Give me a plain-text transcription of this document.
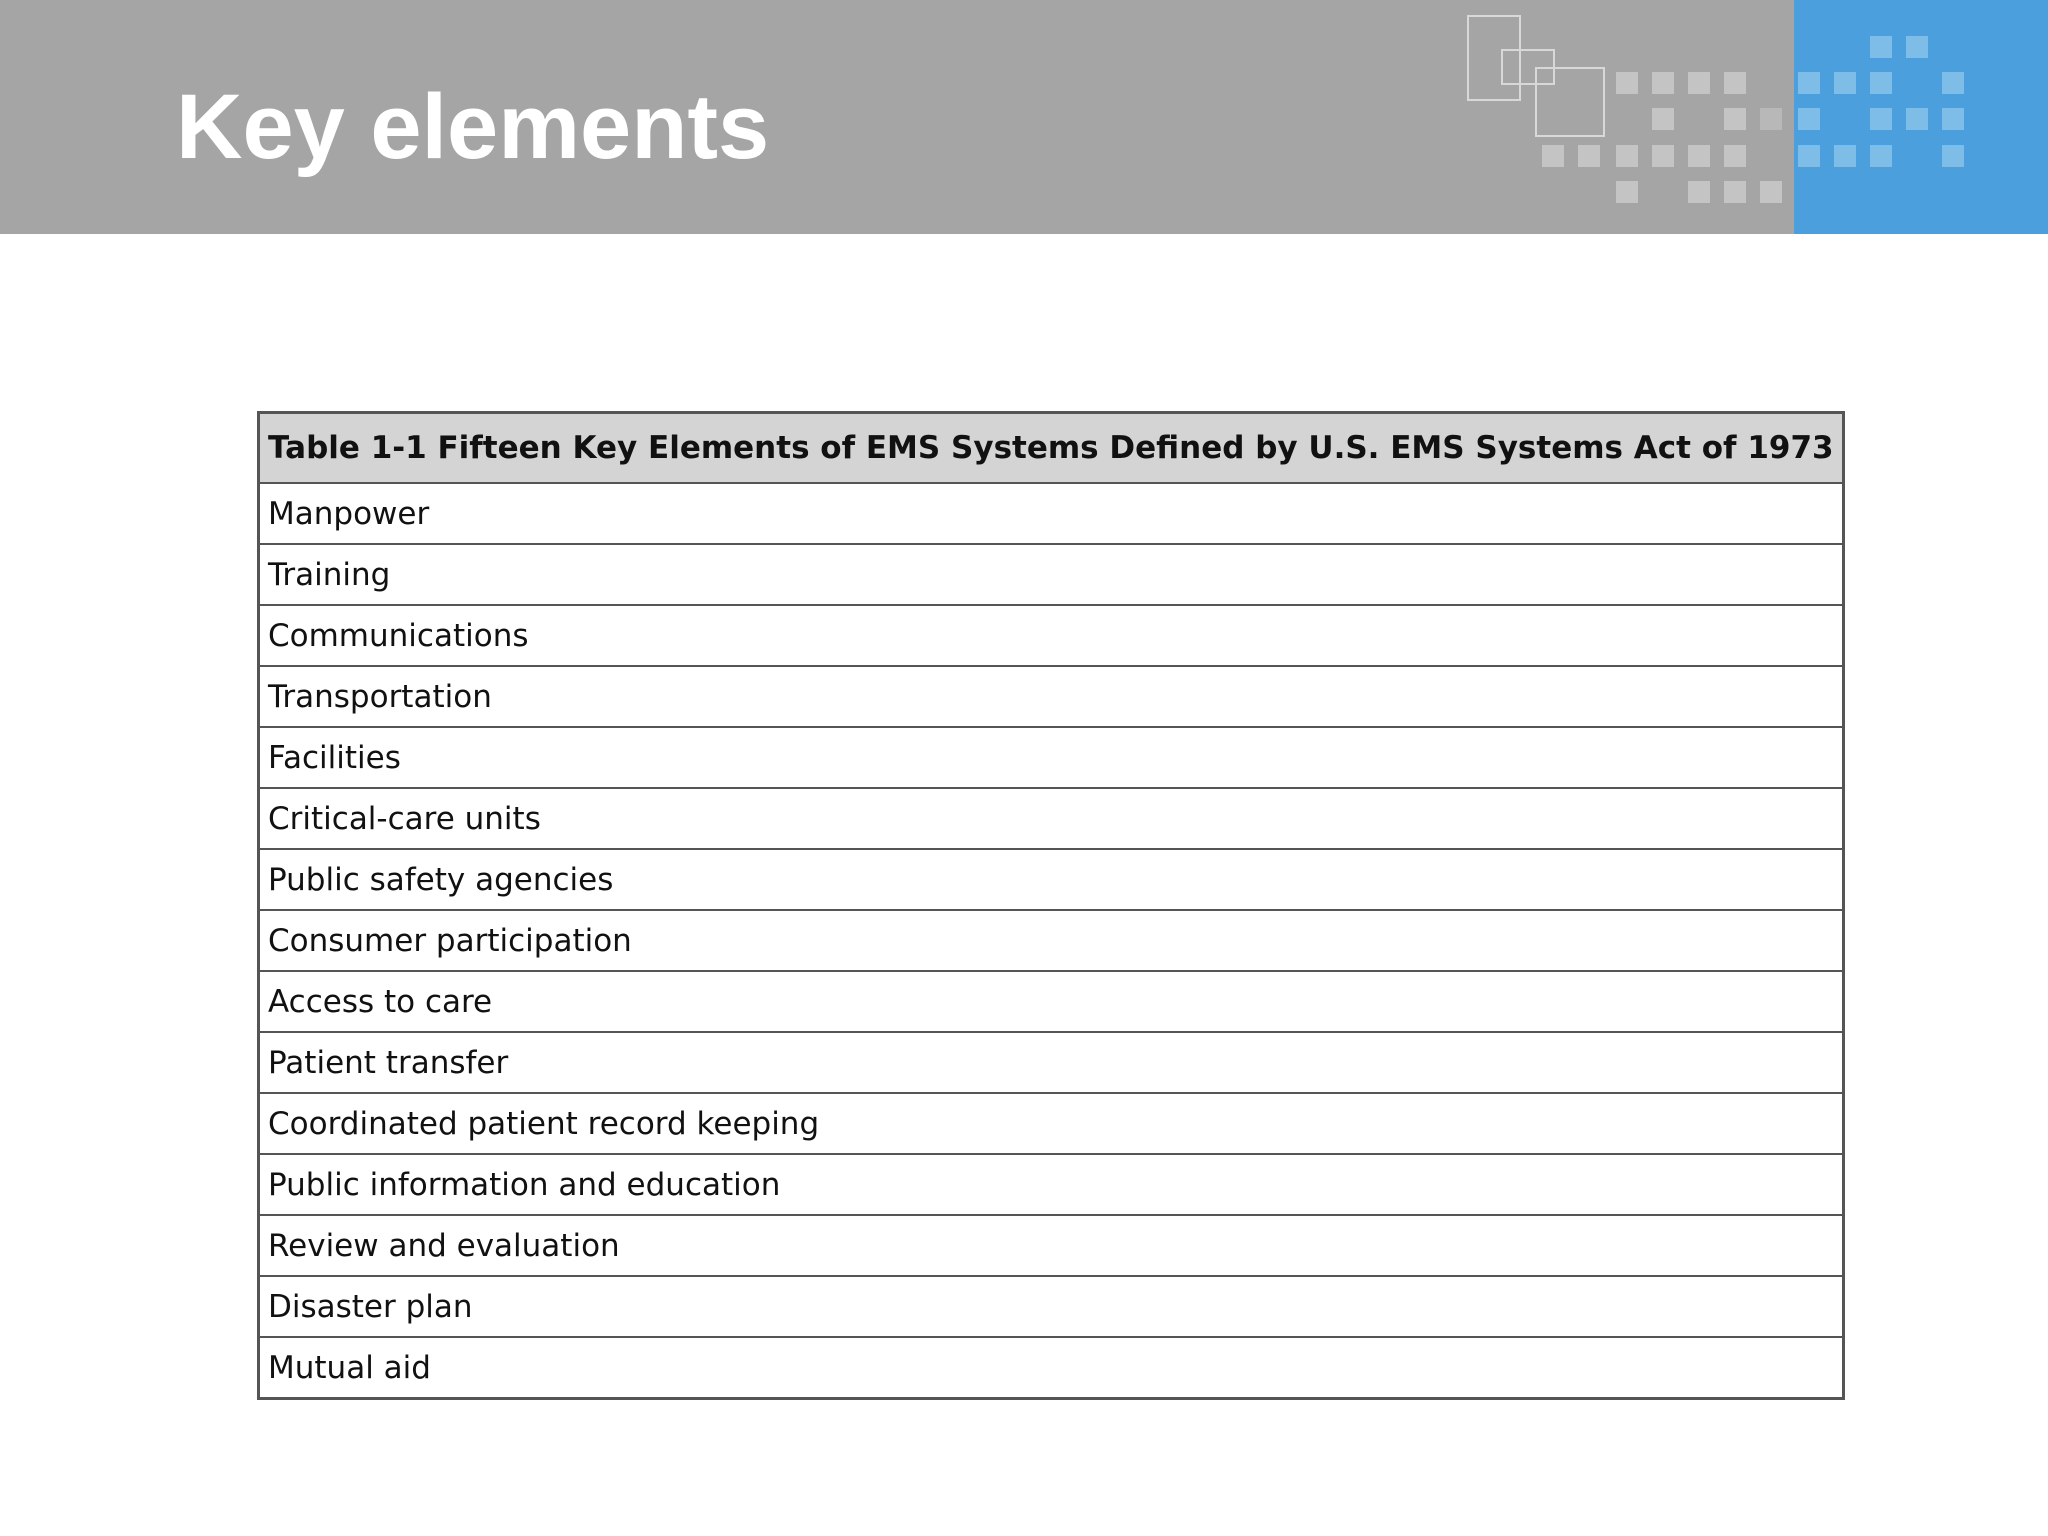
Key elements
Table 1-1 Fifteen Key Elements of EMS Systems Defined by U.S. EMS Systems Act of 1973
Manpower
Training
Communications
Transportation
Facilities
Critical-care units
Public safety agencies
Consumer participation
Access to care
Patient transfer
Coordinated patient record keeping
Public information and education
Review and evaluation
Disaster plan
Mutual aid
